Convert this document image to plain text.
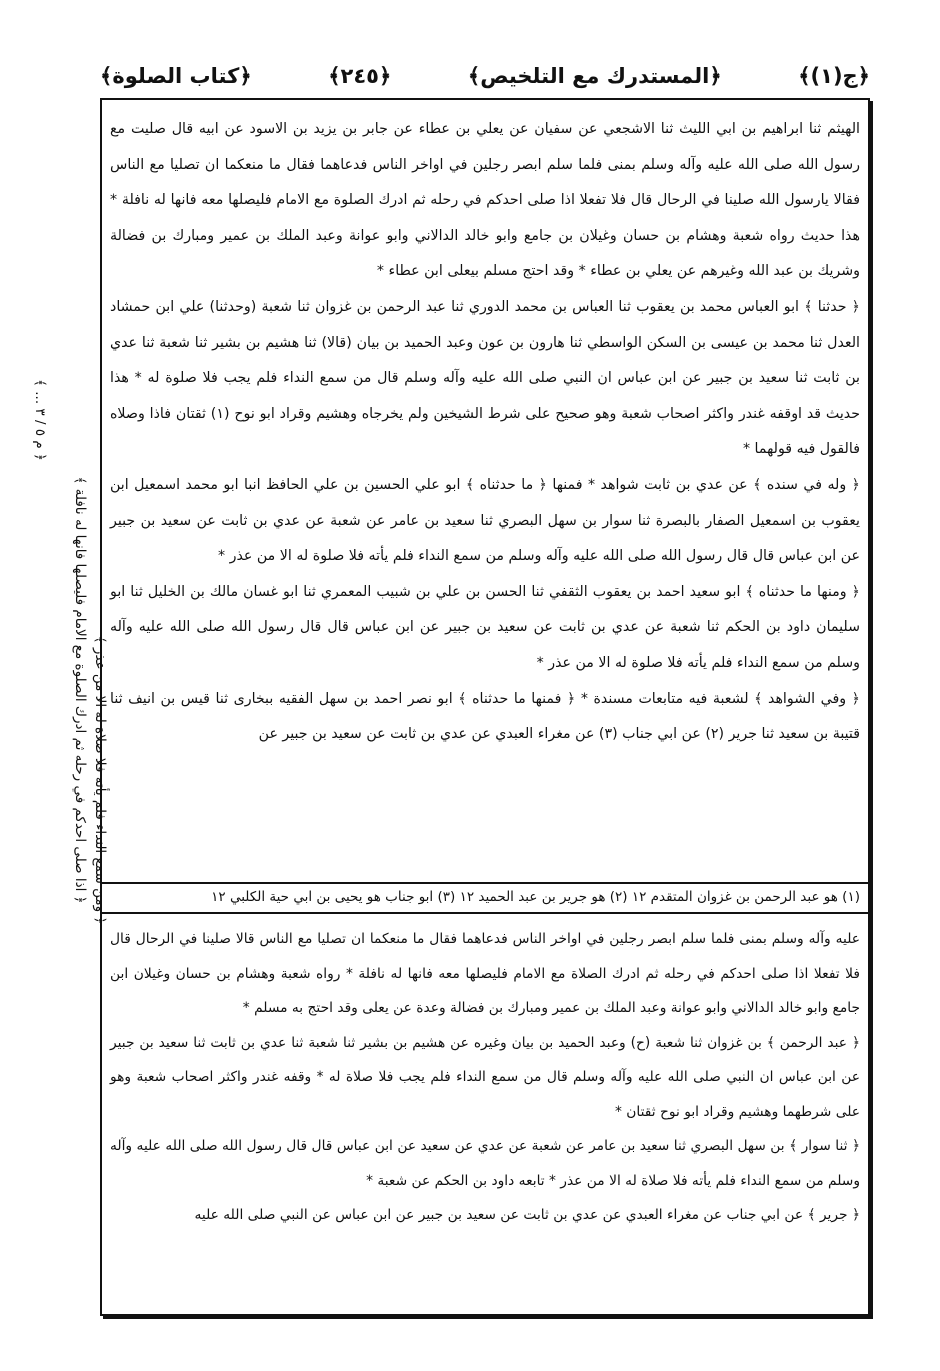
﴿ج(١)﴾
﴿المستدرك مع التلخيص﴾
﴿٢٤٥﴾
﴿كتاب الصلوة﴾

الهيثم ثنا ابراهيم بن ابي الليث ثنا الاشجعي عن سفيان عن يعلي بن عطاء عن جابر بن يزيد بن الاسود عن ابيه قال صليت مع رسول الله صلى الله عليه وآله وسلم بمنى فلما سلم ابصر رجلين في اواخر الناس فدعاهما فقال ما منعكما ان تصليا مع الناس فقالا يارسول الله صلينا في الرحال قال فلا تفعلا اذا صلى احدكم في رحله ثم ادرك الصلوة مع الامام فليصلها معه فانها له نافلة * هذا حديث رواه شعبة وهشام بن حسان وغيلان بن جامع وابو خالد الدالاني وابو عوانة وعبد الملك بن عمير ومبارك بن فضالة وشريك بن عبد الله وغيرهم عن يعلي بن عطاء * وقد احتج مسلم بيعلى ابن عطاء *

﴿ حدثنا ﴾ ابو العباس محمد بن يعقوب ثنا العباس بن محمد الدوري ثنا عبد الرحمن بن غزوان ثنا شعبة (وحدثنا) علي ابن حمشاد العدل ثنا محمد بن عيسى بن السكن الواسطي ثنا هارون بن عون وعبد الحميد بن بيان (قالا) ثنا هشيم بن بشير ثنا شعبة ثنا عدي بن ثابت ثنا سعيد بن جبير عن ابن عباس ان النبي صلى الله عليه وآله وسلم قال من سمع النداء فلم يجب فلا صلوة له * هذا حديث قد اوقفه غندر واكثر اصحاب شعبة وهو صحيح على شرط الشيخين ولم يخرجاه وهشيم وقراد ابو نوح (١) ثقتان فاذا وصلاه فالقول فيه قولهما *

﴿ وله في سنده ﴾ عن عدي بن ثابت شواهد * فمنها ﴿ ما حدثناه ﴾ ابو علي الحسين بن علي الحافظ انبا ابو محمد اسمعيل ابن يعقوب بن اسمعيل الصفار بالبصرة ثنا سوار بن سهل البصري ثنا سعيد بن عامر عن شعبة عن عدي بن ثابت عن سعيد بن جبير عن ابن عباس قال قال رسول الله صلى الله عليه وآله وسلم من سمع النداء فلم يأته فلا صلوة له الا من عذر *

﴿ ومنها ما حدثناه ﴾ ابو سعيد احمد بن يعقوب الثقفي ثنا الحسن بن علي بن شبيب المعمري ثنا ابو غسان مالك بن الخليل ثنا ابو سليمان داود بن الحكم ثنا شعبة عن عدي بن ثابت عن سعيد بن جبير عن ابن عباس قال قال رسول الله صلى الله عليه وآله وسلم من سمع النداء فلم يأته فلا صلوة له الا من عذر *

﴿ وفي الشواهد ﴾ لشعبة فيه متابعات مسندة * ﴿ فمنها ما حدثناه ﴾ ابو نصر احمد بن سهل الفقيه ببخارى ثنا قيس بن انيف ثنا قتيبة بن سعيد ثنا جرير (٢) عن ابي جناب (٣) عن مغراء العبدي عن عدي بن ثابت عن سعيد بن جبير عن

(١) هو عبد الرحمن بن غزوان المتقدم ١٢ (٢) هو جرير بن عبد الحميد ١٢ (٣) ابو جناب هو يحيى بن ابي حية الكلبي ١٢

عليه وآله وسلم بمنى فلما سلم ابصر رجلين في اواخر الناس فدعاهما فقال ما منعكما ان تصليا مع الناس قالا صلينا في الرحال قال فلا تفعلا اذا صلى احدكم في رحله ثم ادرك الصلاة مع الامام فليصلها معه فانها له نافلة * رواه شعبة وهشام بن حسان وغيلان ابن جامع وابو خالد الدالاني وابو عوانة وعبد الملك بن عمير ومبارك بن فضالة وعدة عن يعلى وقد احتج به مسلم *

﴿ عبد الرحمن ﴾ بن غزوان ثنا شعبة (ح) وعبد الحميد بن بيان وغيره عن هشيم بن بشير ثنا شعبة ثنا عدي بن ثابت ثنا سعيد بن جبير عن ابن عباس ان النبي صلى الله عليه وآله وسلم قال من سمع النداء فلم يجب فلا صلاة له * وقفه غندر واكثر اصحاب شعبة وهو على شرطهما وهشيم وقراد ابو نوح ثقتان *

﴿ ثنا سوار ﴾ بن سهل البصري ثنا سعيد بن عامر عن شعبة عن عدي عن سعيد عن ابن عباس قال قال رسول الله صلى الله عليه وآله وسلم من سمع النداء فلم يأته فلا صلاة له الا من عذر * تابعه داود بن الحكم عن شعبة *

﴿ جرير ﴾ عن ابي جناب عن مغراء العبدي عن عدي بن ثابت عن سعيد بن جبير عن ابن عباس عن النبي صلى الله عليه

﴿ اذا صلى احدكم في رحله ثم ادرك الصلوة مع الامام فليصلها فانها له نافلة ﴾
﴿ م ٥ / ٣ ... ﴾
﴿ ومن سمع النداء فلم يأته فلا صلاة له الا من عذر ﴾
